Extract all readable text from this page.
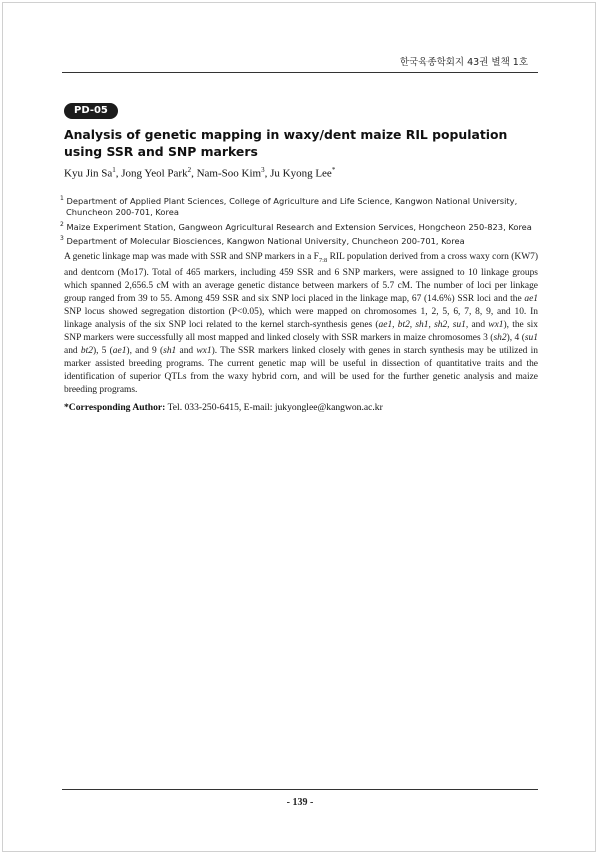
한국육종학회지 43권 별책 1호
PD-05
Analysis of genetic mapping in waxy/dent maize RIL population using SSR and SNP markers
Kyu Jin Sa$^1$, Jong Yeol Park$^2$, Nam-Soo Kim$^3$, Ju Kyong Lee*

$^1$ Department of Applied Plant Sciences, College of Agriculture and Life Science, Kangwon National University,
Chuncheon 200-701, Korea

$^2$ Maize Experiment Station, Gangweon Agricultural Research and Extension Services, Hongcheon 250-823, Korea

$^3$ Department of Molecular Biosciences, Kangwon National University, Chuncheon 200-701, Korea

A genetic linkage map was made with SSR and SNP markers in a $F_{7:8}$ RIL population derived from a cross waxy corn (KW7) and dentcorn (Mo17). Total of 465 markers, including 459 SSR and 6 SNP markers, were assigned to 10 linkage groups which spanned 2,656.5 cM with an average genetic distance between markers of 5.7 cM. The number of loci per linkage group ranged from 39 to 55. Among 459 SSR and six SNP loci placed in the linkage map, 67 (14.6%) SSR loci and the ae1 SNP locus showed segregation distortion (P<0.05), which were mapped on chromosomes 1, 2, 5, 6, 7, 8, 9, and 10. In linkage analysis of the six SNP loci related to the kernel starch-synthesis genes (ae1, bt2, sh1, sh2, su1, and wx1), the six SNP markers were successfully all most mapped and linked closely with SSR markers in maize chromosomes 3 (sh2), 4 (su1 and bt2), 5 (ae1), and 9 (sh1 and wx1). The SSR markers linked closely with genes in starch synthesis may be utilized in marker assisted breeding programs. The current genetic map will be useful in dissection of quantitative traits and the identification of superior QTLs from the waxy hybrid corn, and will be used for the further genetic analysis and maize breeding programs.

*Corresponding Author: Tel. 033-250-6415, E-mail: jukyonglee@kangwon.ac.kr
- 139 -
